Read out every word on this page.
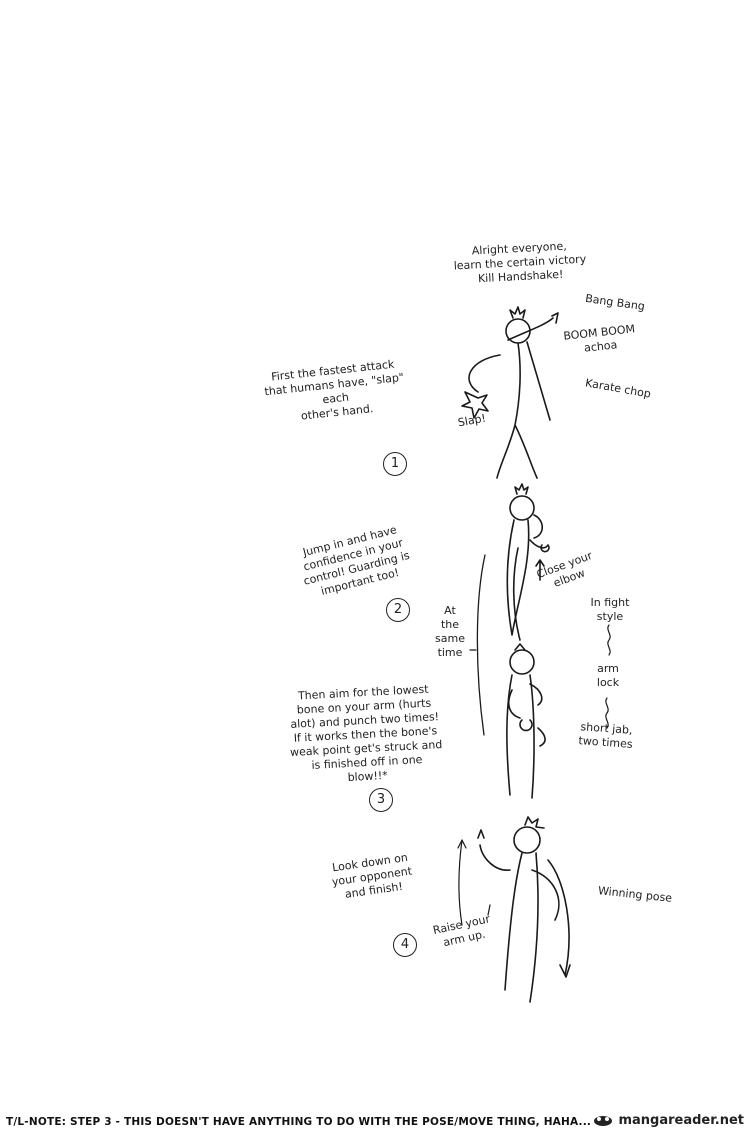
Alright everyone,
learn the certain victory
Kill Handshake!
Bang Bang
BOOM BOOM
achoa
Karate chop
Slap!
First the fastest attack
that humans have, "slap" each
other's hand.
1
Jump in and have
confidence in your
control! Guarding is
important too!
2
Close your
elbow
At
the
same
time
In fight
style
arm
lock
Then aim for the lowest
bone on your arm (hurts
alot) and punch two times!
If it works then the bone's
weak point get's struck and
is finished off in one
blow!!*
3
short jab,
two times
Look down on
your opponent
and finish!
4
Raise your
arm up.
Winning pose
T/L-NOTE: STEP 3 - THIS DOESN'T HAVE ANYTHING TO DO WITH THE POSE/MOVE THING, HAHA... mangareader.net
